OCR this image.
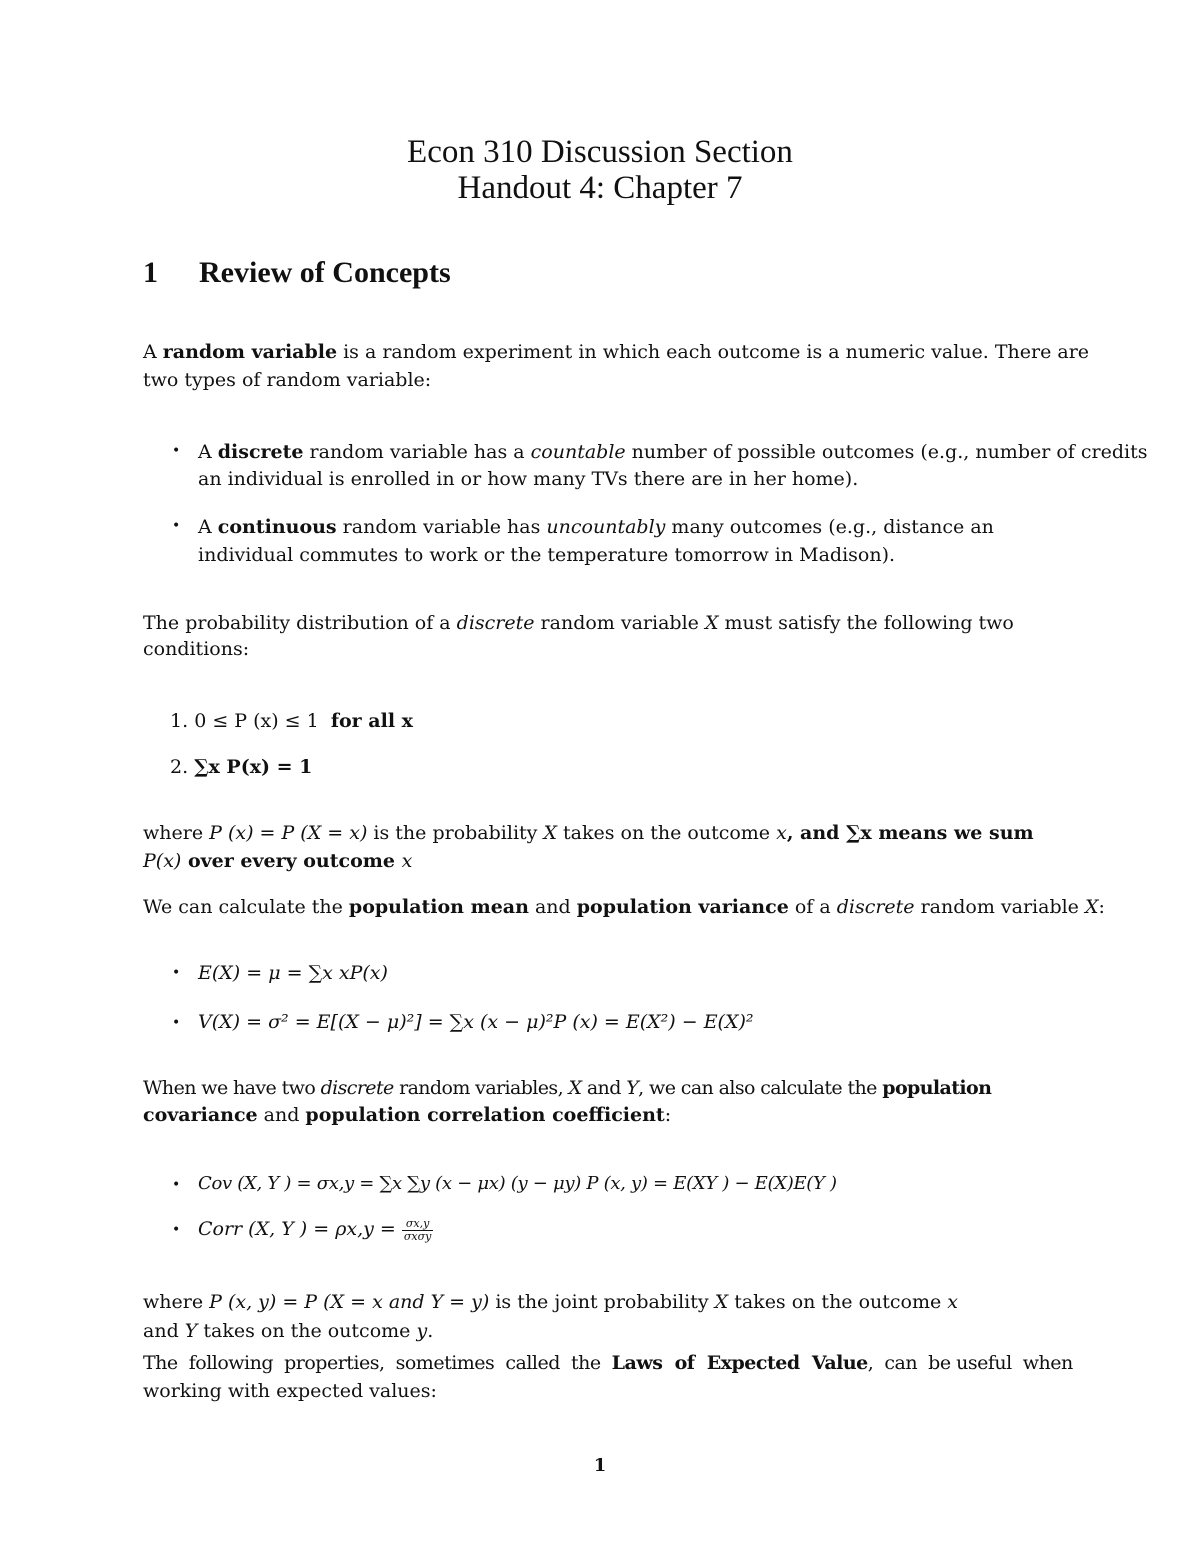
Econ 310 Discussion Section
Handout 4: Chapter 7
1 Review of Concepts
A random variable is a random experiment in which each outcome is a numeric value. There are
two types of random variable:
• A discrete random variable has a countable number of possible outcomes (e.g., number of credits
an individual is enrolled in or how many TVs there are in her home).
• A continuous random variable has uncountably many outcomes (e.g., distance an
individual commutes to work or the temperature tomorrow in Madison).
The probability distribution of a discrete random variable X must satisfy the following two
conditions:
1. 0 ≤ P (x) ≤ 1 for all x
2. ∑x P(x) = 1
where P (x) = P (X = x) is the probability X takes on the outcome x, and ∑x means we sum
P(x) over every outcome x
We can calculate the population mean and population variance of a discrete random variable X:
• E(X) = μ = ∑x xP(x)
• V(X) = σ² = E[(X − μ)²] = ∑x (x − μ)²P (x) = E(X²) − E(X)²
When we have two discrete random variables, X and Y, we can also calculate the population
covariance and population correlation coefficient:
• Cov (X, Y ) = σx,y = ∑x ∑y (x − μx) (y − μy) P (x, y) = E(XY ) − E(X)E(Y )
• Corr (X, Y ) = $\rho x,y = \frac{\sigma x,y}{\text{σxσy}}$
where P (x, y) = P (X = x and Y = y) is the joint probability X takes on the outcome x
and Y takes on the outcome y.
The  following  properties,  sometimes  called  the  Laws  of  Expected  Value,  can  be useful  when
working with expected values:
1
